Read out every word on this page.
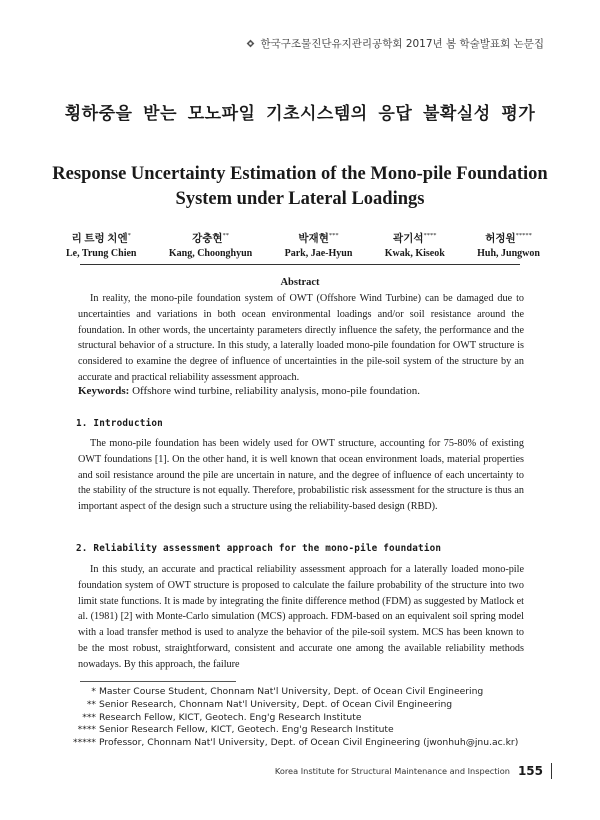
한국구조물진단유지관리공학회 2017년 봄 학술발표회 논문집
횡하중을 받는 모노파일 기초시스템의 응답 불확실성 평가
Response Uncertainty Estimation of the Mono-pile Foundation System under Lateral Loadings
리 트렁 치엔*
Le, Trung Chien
강충현**
Kang, Choonghyun
박재현***
Park, Jae-Hyun
곽기석****
Kwak, Kiseok
허정원*****
Huh, Jungwon
Abstract
In reality, the mono-pile foundation system of OWT (Offshore Wind Turbine) can be damaged due to uncertainties and variations in both ocean environmental loadings and/or soil resistance around the foundation. In other words, the uncertainty parameters directly influence the safety, the performance and the structural behavior of a structure. In this study, a laterally loaded mono-pile foundation for OWT structure is considered to examine the degree of influence of uncertainties in the pile-soil system of the structure by an accurate and practical reliability assessment approach.
Keywords: Offshore wind turbine, reliability analysis, mono-pile foundation.
1. Introduction
The mono-pile foundation has been widely used for OWT structure, accounting for 75-80% of existing OWT foundations [1]. On the other hand, it is well known that ocean environment loads, material properties and soil resistance around the pile are uncertain in nature, and the degree of influence of each uncertainty to the stability of the structure is not equally. Therefore, probabilistic risk assessment for the structure is thus an important aspect of the design such a structure using the reliability-based design (RBD).
2. Reliability assessment approach for the mono-pile foundation
In this study, an accurate and practical reliability assessment approach for a laterally loaded mono-pile foundation system of OWT structure is proposed to calculate the failure probability of the structure into two limit state functions. It is made by integrating the finite difference method (FDM) as suggested by Matlock et al. (1981) [2] with Monte-Carlo simulation (MCS) approach. FDM-based on an equivalent soil spring model with a load transfer method is used to analyze the behavior of the pile-soil system. MCS has been known to be the most robust, straightforward, consistent and accurate one among the available reliability methods nowadays. By this approach, the failure
* Master Course Student, Chonnam Nat'l University, Dept. of Ocean Civil Engineering
** Senior Research, Chonnam Nat'l University, Dept. of Ocean Civil Engineering
*** Research Fellow, KICT, Geotech. Eng'g Research Institute
**** Senior Research Fellow, KICT, Geotech. Eng'g Research Institute
***** Professor, Chonnam Nat'l University, Dept. of Ocean Civil Engineering (jwonhuh@jnu.ac.kr)
Korea Institute for Structural Maintenance and Inspection 155
